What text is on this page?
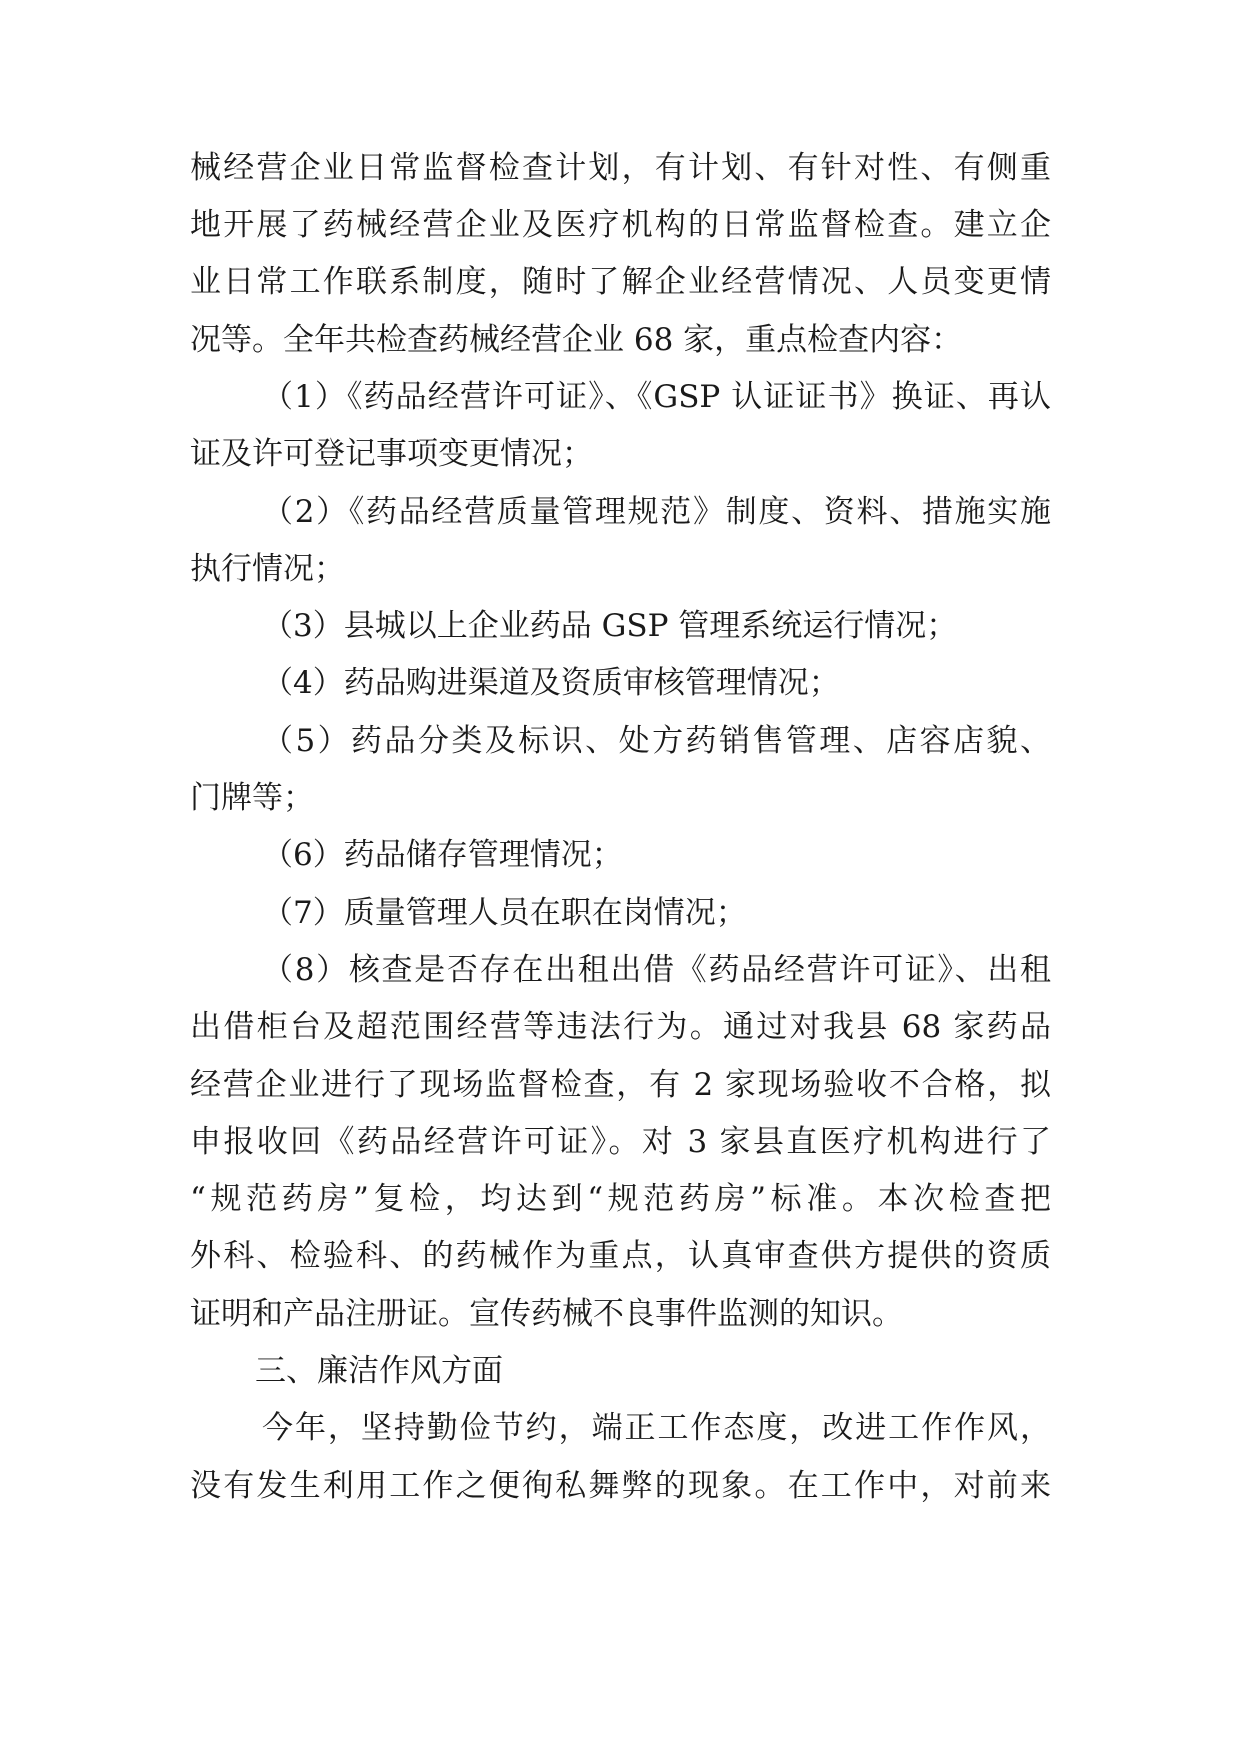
械经营企业日常监督检查计划，有计划、有针对性、有侧重
地开展了药械经营企业及医疗机构的日常监督检查。建立企
业日常工作联系制度，随时了解企业经营情况、人员变更情
况等。全年共检查药械经营企业 68 家，重点检查内容：
（1）《药品经营许可证》、《GSP 认证证书》换证、再认
证及许可登记事项变更情况；
（2）《药品经营质量管理规范》制度、资料、措施实施
执行情况；
（3）县城以上企业药品 GSP 管理系统运行情况；
（4）药品购进渠道及资质审核管理情况；
（5）药品分类及标识、处方药销售管理、店容店貌、
门牌等；
（6）药品储存管理情况；
（7）质量管理人员在职在岗情况；
（8）核查是否存在出租出借《药品经营许可证》、出租
出借柜台及超范围经营等违法行为。通过对我县 68 家药品
经营企业进行了现场监督检查，有 2 家现场验收不合格，拟
申报收回《药品经营许可证》。对 3 家县直医疗机构进行了
“规范药房”复检，均达到“规范药房”标准。本次检查把
外科、检验科、的药械作为重点，认真审查供方提供的资质
证明和产品注册证。宣传药械不良事件监测的知识。
三、廉洁作风方面
今年，坚持勤俭节约，端正工作态度，改进工作作风，
没有发生利用工作之便徇私舞弊的现象。在工作中，对前来
